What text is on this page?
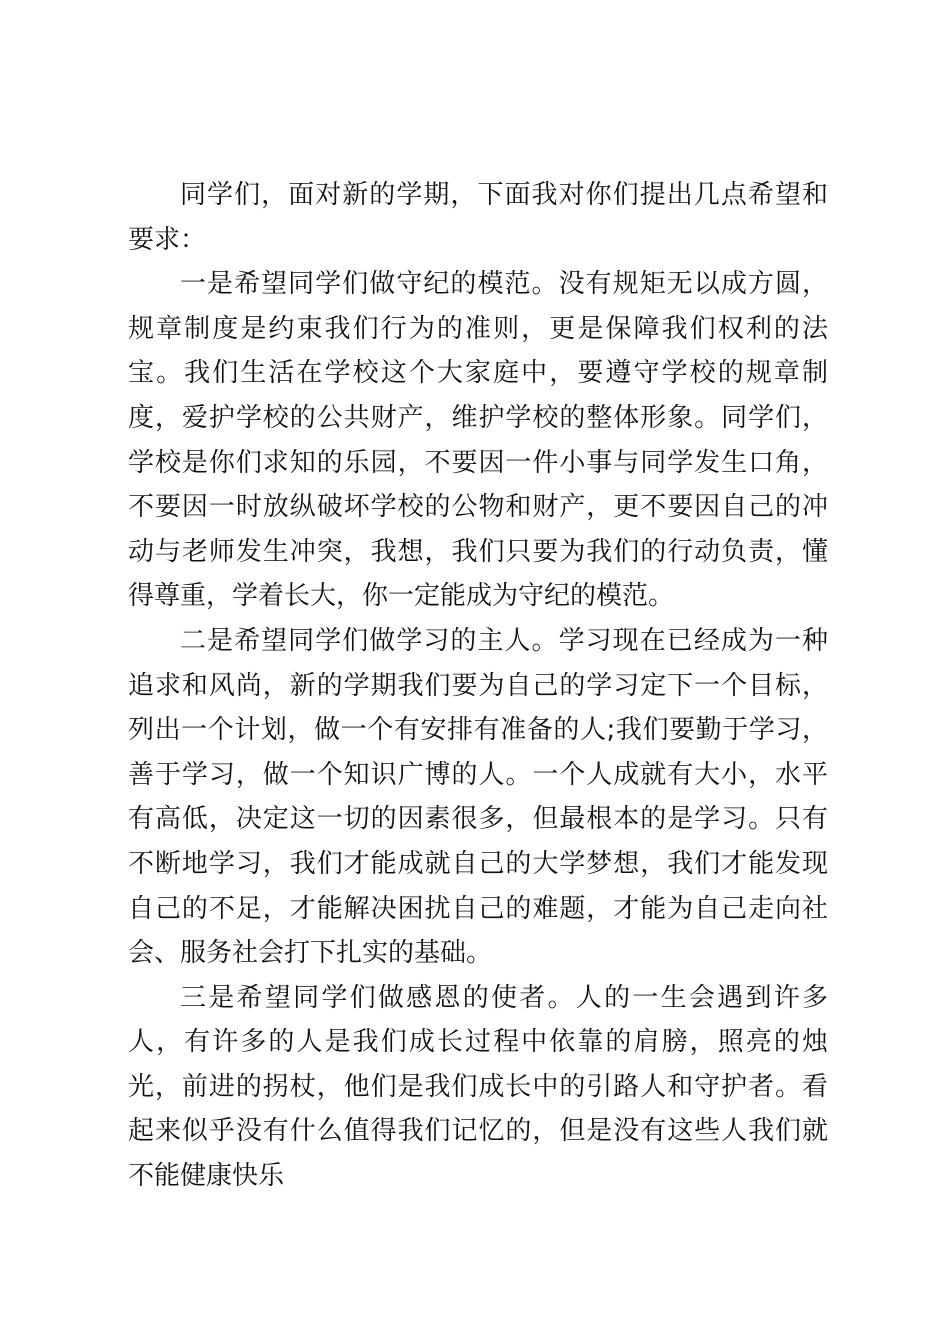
同学们，面对新的学期，下面我对你们提出几点希望和要求：

一是希望同学们做守纪的模范。没有规矩无以成方圆，规章制度是约束我们行为的准则，更是保障我们权利的法宝。我们生活在学校这个大家庭中，要遵守学校的规章制度，爱护学校的公共财产，维护学校的整体形象。同学们，学校是你们求知的乐园，不要因一件小事与同学发生口角，不要因一时放纵破坏学校的公物和财产，更不要因自己的冲动与老师发生冲突，我想，我们只要为我们的行动负责，懂得尊重，学着长大，你一定能成为守纪的模范。

二是希望同学们做学习的主人。学习现在已经成为一种追求和风尚，新的学期我们要为自己的学习定下一个目标，列出一个计划，做一个有安排有准备的人;我们要勤于学习，善于学习，做一个知识广博的人。一个人成就有大小，水平有高低，决定这一切的因素很多，但最根本的是学习。只有不断地学习，我们才能成就自己的大学梦想，我们才能发现自己的不足，才能解决困扰自己的难题，才能为自己走向社会、服务社会打下扎实的基础。

三是希望同学们做感恩的使者。人的一生会遇到许多人，有许多的人是我们成长过程中依靠的肩膀，照亮的烛光，前进的拐杖，他们是我们成长中的引路人和守护者。看起来似乎没有什么值得我们记忆的，但是没有这些人我们就不能健康快乐
